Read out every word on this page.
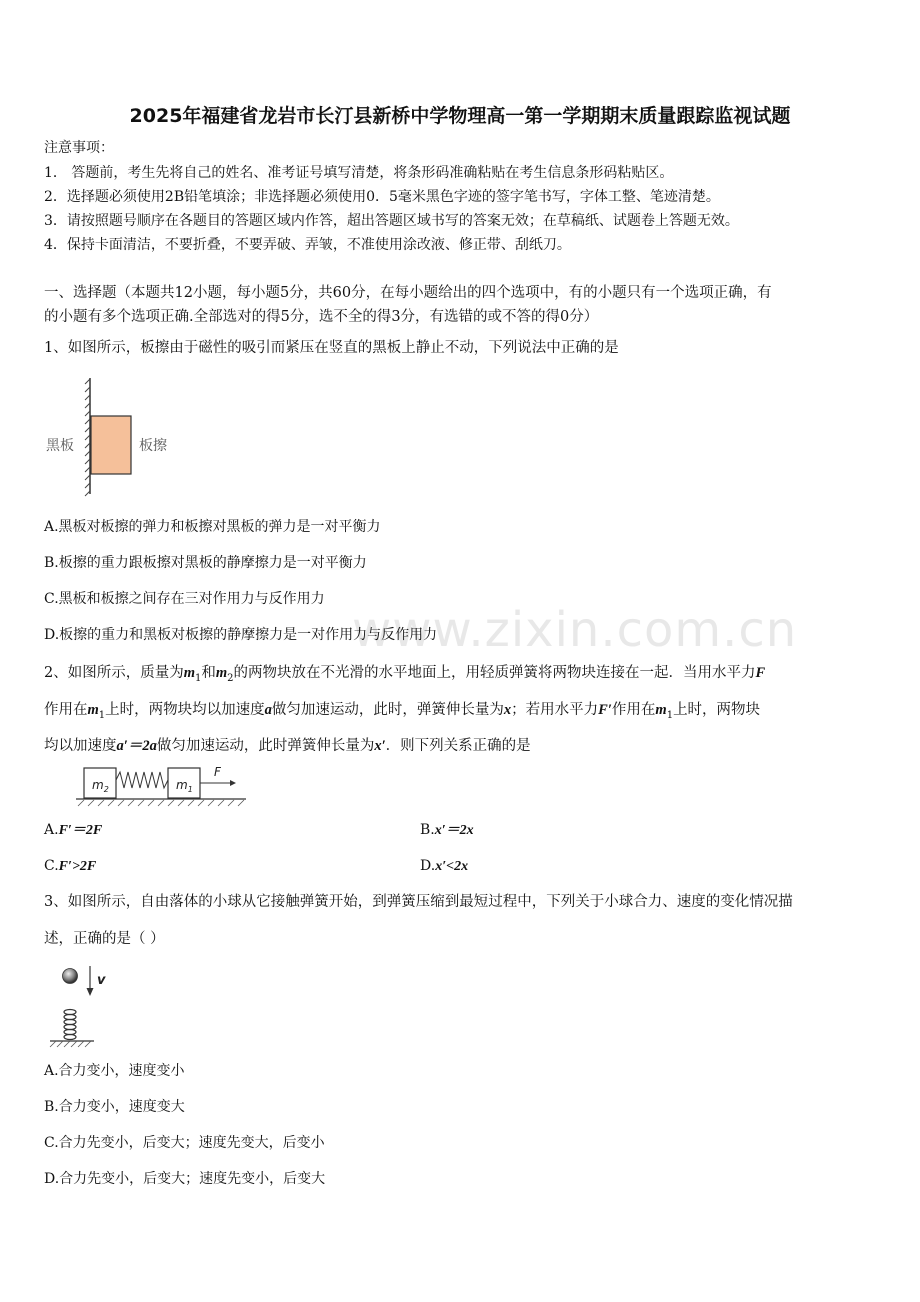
www.zixin.com.cn
2025年福建省龙岩市长汀县新桥中学物理高一第一学期期末质量跟踪监视试题
注意事项：
1． 答题前，考生先将自己的姓名、准考证号填写清楚，将条形码准确粘贴在考生信息条形码粘贴区。
2．选择题必须使用2B铅笔填涂；非选择题必须使用0．5毫米黑色字迹的签字笔书写，字体工整、笔迹清楚。
3．请按照题号顺序在各题目的答题区域内作答，超出答题区域书写的答案无效；在草稿纸、试题卷上答题无效。
4．保持卡面清洁，不要折叠，不要弄破、弄皱，不准使用涂改液、修正带、刮纸刀。
一、选择题（本题共12小题，每小题5分，共60分，在每小题给出的四个选项中，有的小题只有一个选项正确，有
的小题有多个选项正确.全部选对的得5分，选不全的得3分，有选错的或不答的得0分）
1、如图所示，板擦由于磁性的吸引而紧压在竖直的黑板上静止不动，下列说法中正确的是
黑板	板擦
A.黑板对板擦的弹力和板擦对黑板的弹力是一对平衡力
B.板擦的重力跟板擦对黑板的静摩擦力是一对平衡力
C.黑板和板擦之间存在三对作用力与反作用力
D.板擦的重力和黑板对板擦的静摩擦力是一对作用力与反作用力
2、如图所示，质量为$m_1$和$m_2$的两物块放在不光滑的水平地面上，用轻质弹簧将两物块连接在一起．当用水平力F
作用在$m_1$上时，两物块均以加速度a做匀加速运动，此时，弹簧伸长量为x；若用水平力F′作用在$m_1$上时，两物块
均以加速度a′＝2a做匀加速运动，此时弹簧伸长量为x′．则下列关系正确的是
$m_2$	$m_1$
F
A.F′＝2F	B.x′＝2x
C.F′>2F	D.x′<2x
3、如图所示，自由落体的小球从它接触弹簧开始，到弹簧压缩到最短过程中，下列关于小球合力、速度的变化情况描
述，正确的是（ ）
v
A.合力变小，速度变小
B.合力变小，速度变大
C.合力先变小，后变大；速度先变大，后变小
D.合力先变小，后变大；速度先变小，后变大
